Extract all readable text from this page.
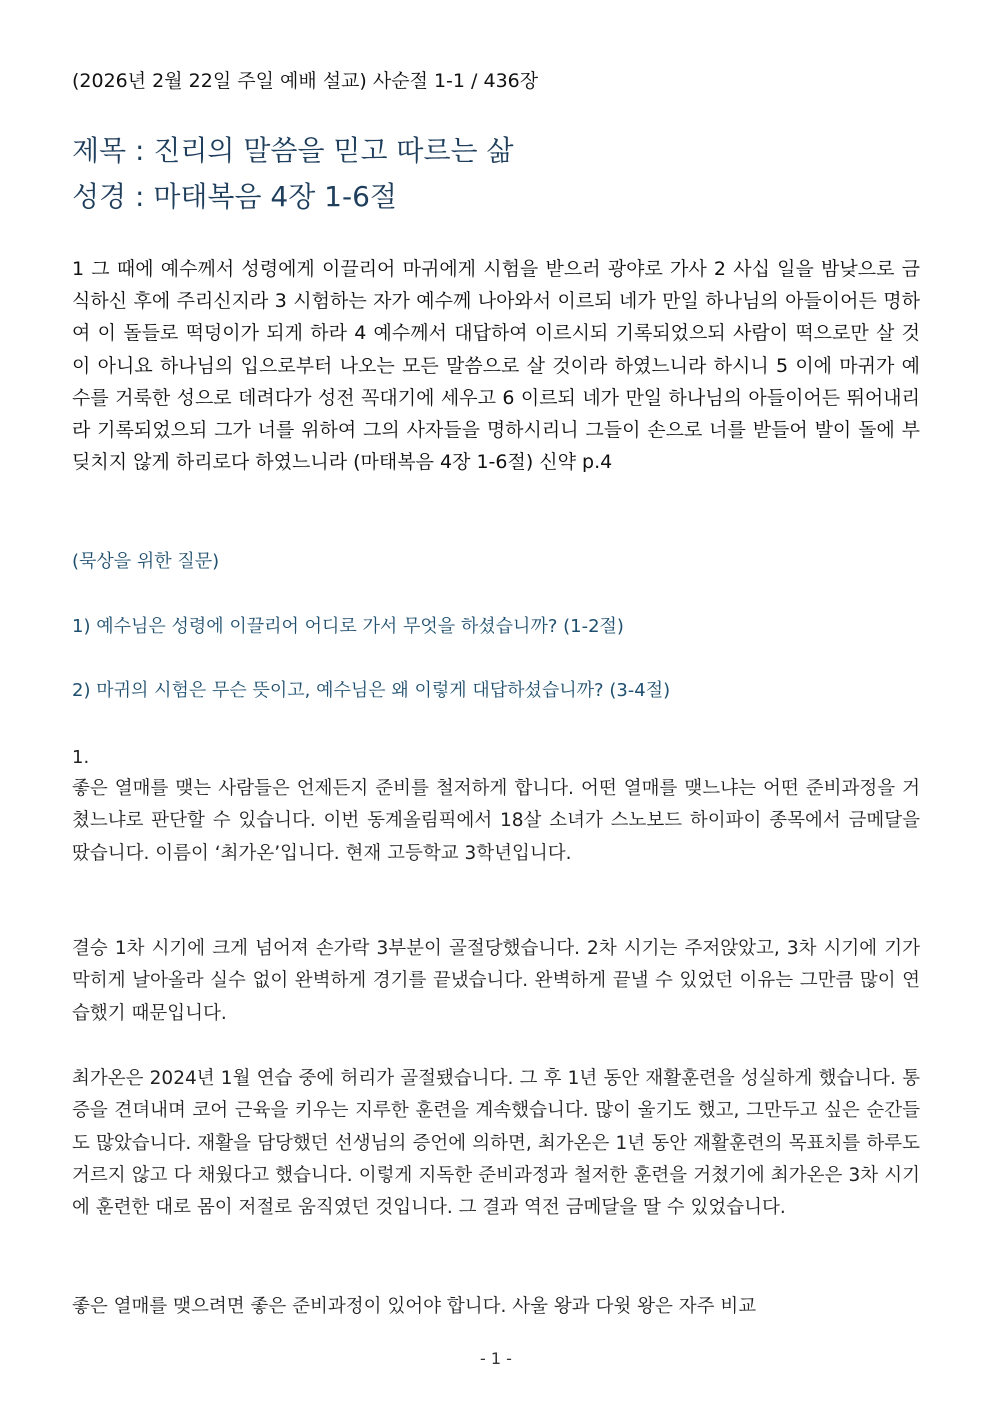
(2026년 2월 22일 주일 예배 설교) 사순절 1-1 / 436장
제목 : 진리의 말씀을 믿고 따르는 삶
성경 : 마태복음 4장 1-6절
1 그 때에 예수께서 성령에게 이끌리어 마귀에게 시험을 받으러 광야로 가사 2 사십 일을 밤낮으로 금식하신 후에 주리신지라 3 시험하는 자가 예수께 나아와서 이르되 네가 만일 하나님의 아들이어든 명하여 이 돌들로 떡덩이가 되게 하라 4 예수께서 대답하여 이르시되 기록되었으되 사람이 떡으로만 살 것이 아니요 하나님의 입으로부터 나오는 모든 말씀으로 살 것이라 하였느니라 하시니 5 이에 마귀가 예수를 거룩한 성으로 데려다가 성전 꼭대기에 세우고 6 이르되 네가 만일 하나님의 아들이어든 뛰어내리라 기록되었으되 그가 너를 위하여 그의 사자들을 명하시리니 그들이 손으로 너를 받들어 발이 돌에 부딪치지 않게 하리로다 하였느니라 (마태복음 4장 1-6절) 신약 p.4
(묵상을 위한 질문)
1) 예수님은 성령에 이끌리어 어디로 가서 무엇을 하셨습니까? (1-2절)
2) 마귀의 시험은 무슨 뜻이고, 예수님은 왜 이렇게 대답하셨습니까? (3-4절)
1.
좋은 열매를 맺는 사람들은 언제든지 준비를 철저하게 합니다. 어떤 열매를 맺느냐는 어떤 준비과정을 거쳤느냐로 판단할 수 있습니다. 이번 동계올림픽에서 18살 소녀가 스노보드 하이파이 종목에서 금메달을 땄습니다. 이름이 ‘최가온’입니다. 현재 고등학교 3학년입니다.
결승 1차 시기에 크게 넘어져 손가락 3부분이 골절당했습니다. 2차 시기는 주저앉았고, 3차 시기에 기가 막히게 날아올라 실수 없이 완벽하게 경기를 끝냈습니다. 완벽하게 끝낼 수 있었던 이유는 그만큼 많이 연습했기 때문입니다.
최가온은 2024년 1월 연습 중에 허리가 골절됐습니다. 그 후 1년 동안 재활훈련을 성실하게 했습니다. 통증을 견뎌내며 코어 근육을 키우는 지루한 훈련을 계속했습니다. 많이 울기도 했고, 그만두고 싶은 순간들도 많았습니다. 재활을 담당했던 선생님의 증언에 의하면, 최가온은 1년 동안 재활훈련의 목표치를 하루도 거르지 않고 다 채웠다고 했습니다. 이렇게 지독한 준비과정과 철저한 훈련을 거쳤기에 최가온은 3차 시기에 훈련한 대로 몸이 저절로 움직였던 것입니다. 그 결과 역전 금메달을 딸 수 있었습니다.
좋은 열매를 맺으려면 좋은 준비과정이 있어야 합니다. 사울 왕과 다윗 왕은 자주 비교
- 1 -
